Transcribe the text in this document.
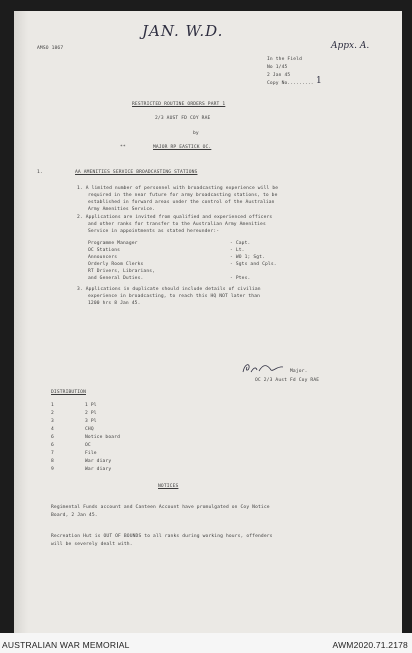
JAN. W.D.
Appx. A.
AMSO 1867
In the Field
No 1/45
2 Jan 45
Copy No......... 1
RESTRICTED ROUTINE ORDERS PART 1
2/3 AUST FD COY RAE
by
**	MAJOR RP EASTICK OC.
1.	AA AMENITIES SERVICE BROADCASTING STATIONS
1. A limited number of personnel with broadcasting experience will be
required in the near future for army broadcasting stations, to be
established in forward areas under the control of the Australian
Army Amenities Service.
2. Applications are invited from qualified and experienced officers
and other ranks for transfer to the Australian Army Amenities
Service in appointments as stated hereunder:-
Programme Manager	- Capt.
OC Stations	- Lt.
Announcers	- WO 1; Sgt.
Orderly Room Clerks	- Sgts and Cpls.
RT Drivers, Librarians,
and General Duties.	- Ptes.
3. Applications in duplicate should include details of civilian
experience in broadcasting, to reach this HQ NOT later than
1200 hrs 8 Jan 45.
Major.
OC 2/3 Aust Fd Coy RAE
DISTRIBUTION
1	1 Pl
2	2 Pl
3	3 Pl
4	CHQ
6	Notice board
6	OC
7	File
8	War diary
9	War diary
NOTICES
Regimental Funds account and Canteen Account have promulgated on Coy Notice
Board, 2 Jan 45.
Recreation Hut is OUT OF BOUNDS to all ranks during working hours, offenders
will be severely dealt with.
AUSTRALIAN WAR MEMORIAL	AWM2020.71.2178
